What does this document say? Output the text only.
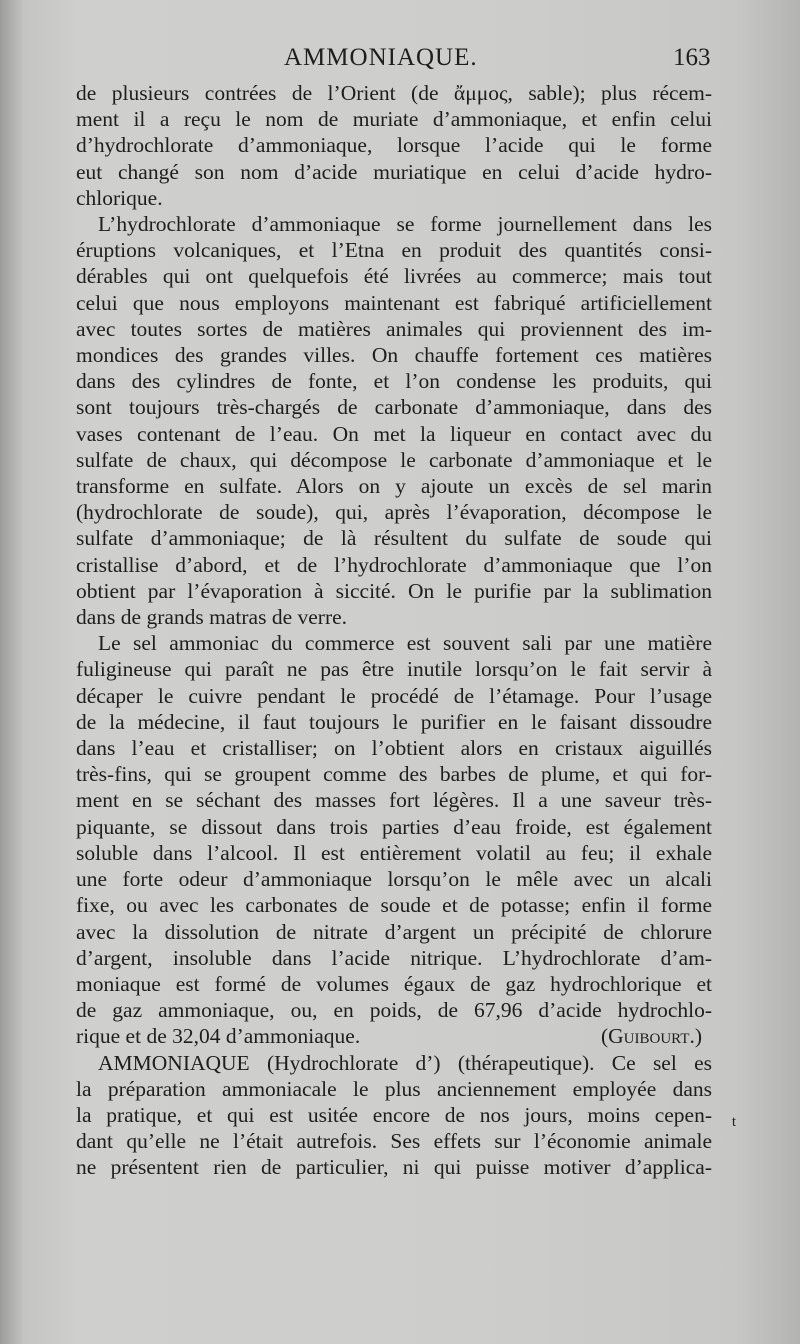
AMMONIAQUE.	163
de plusieurs contrées de l’Orient (de ἄμμος, sable); plus récem-
ment il a reçu le nom de muriate d’ammoniaque, et enfin celui
d’hydrochlorate d’ammoniaque, lorsque l’acide qui le forme
eut changé son nom d’acide muriatique en celui d’acide hydro-
chlorique.
L’hydrochlorate d’ammoniaque se forme journellement dans les
éruptions volcaniques, et l’Etna en produit des quantités consi-
dérables qui ont quelquefois été livrées au commerce; mais tout
celui que nous employons maintenant est fabriqué artificiellement
avec toutes sortes de matières animales qui proviennent des im-
mondices des grandes villes. On chauffe fortement ces matières
dans des cylindres de fonte, et l’on condense les produits, qui
sont toujours très-chargés de carbonate d’ammoniaque, dans des
vases contenant de l’eau. On met la liqueur en contact avec du
sulfate de chaux, qui décompose le carbonate d’ammoniaque et le
transforme en sulfate. Alors on y ajoute un excès de sel marin
(hydrochlorate de soude), qui, après l’évaporation, décompose le
sulfate d’ammoniaque; de là résultent du sulfate de soude qui
cristallise d’abord, et de l’hydrochlorate d’ammoniaque que l’on
obtient par l’évaporation à siccité. On le purifie par la sublimation
dans de grands matras de verre.
Le sel ammoniac du commerce est souvent sali par une matière
fuligineuse qui paraît ne pas être inutile lorsqu’on le fait servir à
décaper le cuivre pendant le procédé de l’étamage. Pour l’usage
de la médecine, il faut toujours le purifier en le faisant dissoudre
dans l’eau et cristalliser; on l’obtient alors en cristaux aiguillés
très-fins, qui se groupent comme des barbes de plume, et qui for-
ment en se séchant des masses fort légères. Il a une saveur très-
piquante, se dissout dans trois parties d’eau froide, est également
soluble dans l’alcool. Il est entièrement volatil au feu; il exhale
une forte odeur d’ammoniaque lorsqu’on le mêle avec un alcali
fixe, ou avec les carbonates de soude et de potasse; enfin il forme
avec la dissolution de nitrate d’argent un précipité de chlorure
d’argent, insoluble dans l’acide nitrique. L’hydrochlorate d’am-
moniaque est formé de volumes égaux de gaz hydrochlorique et
de gaz ammoniaque, ou, en poids, de 67,96 d’acide hydrochlo-
rique et de 32,04 d’ammoniaque.	(Guibourt.)
AMMONIAQUE (Hydrochlorate d’) (thérapeutique). Ce sel es
la préparation ammoniacale le plus anciennement employée dans
la pratique, et qui est usitée encore de nos jours, moins cepen-
dant qu’elle ne l’était autrefois. Ses effets sur l’économie animale
ne présentent rien de particulier, ni qui puisse motiver d’applica-
t
